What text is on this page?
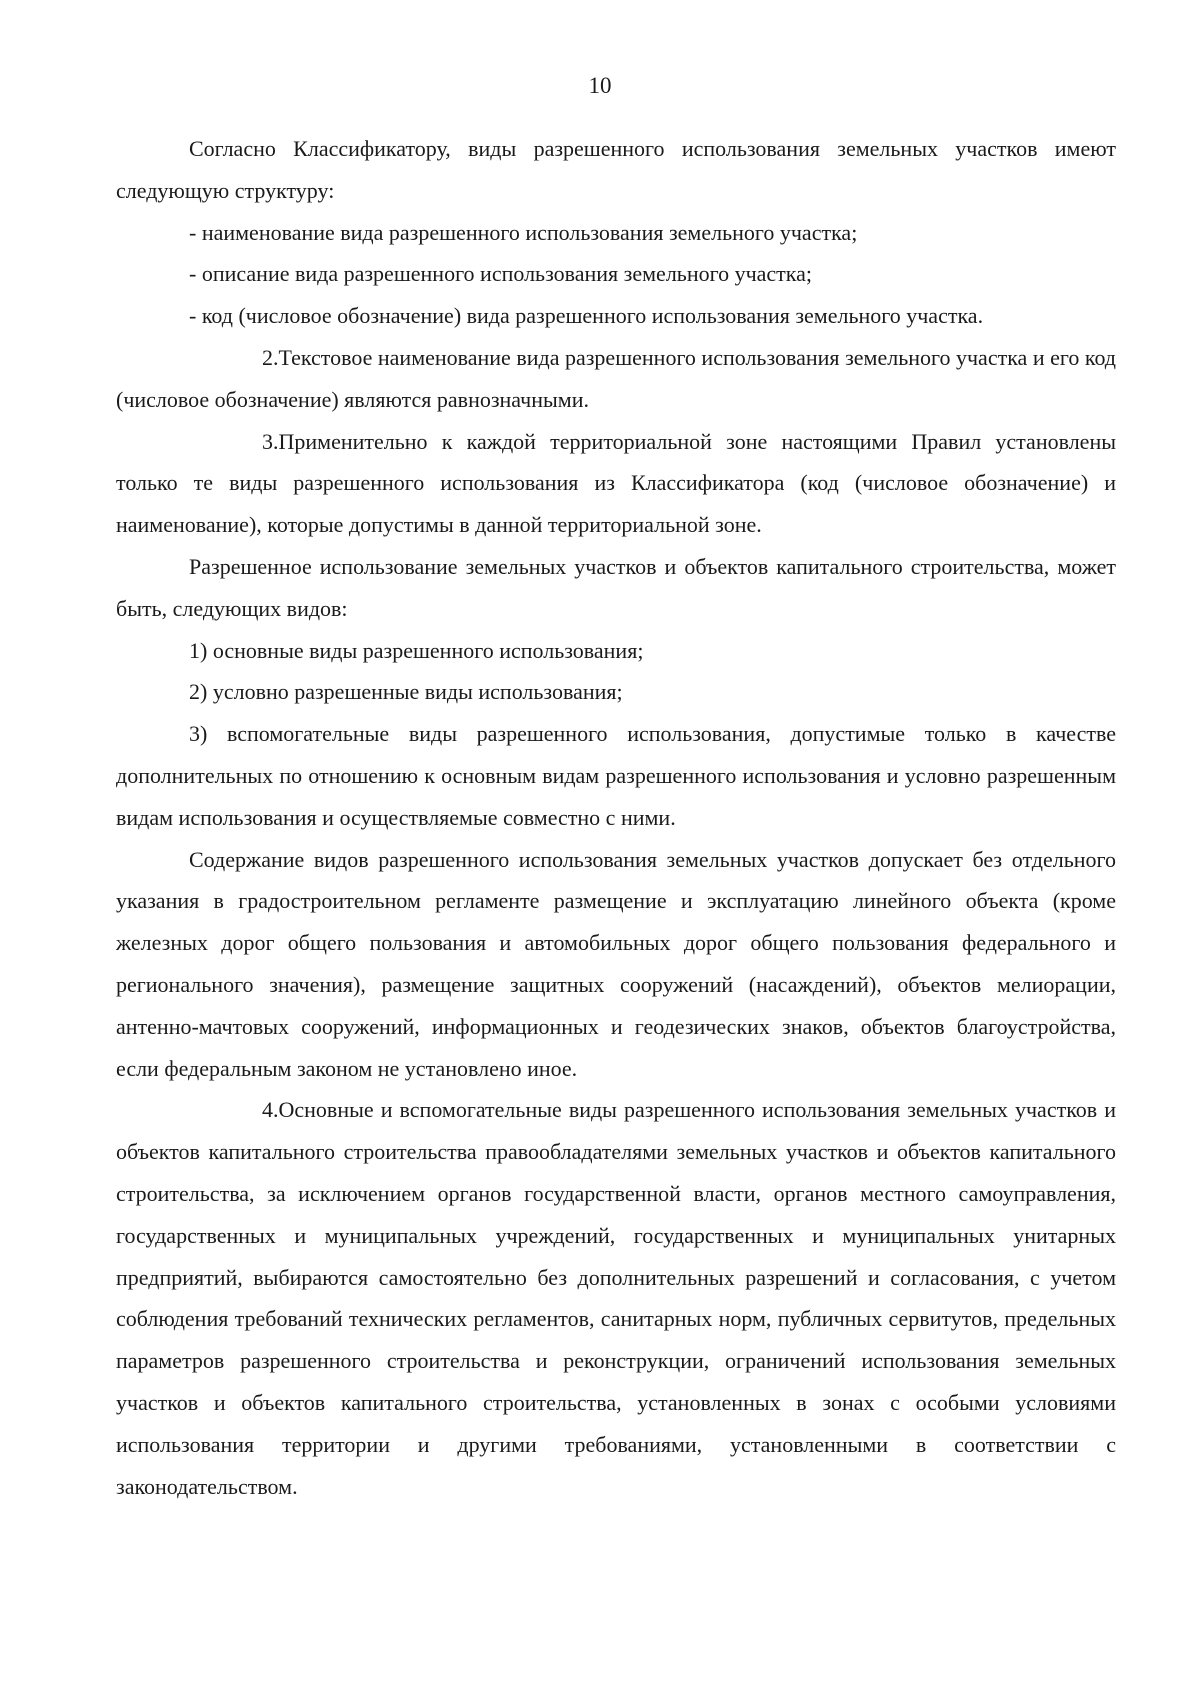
10

Согласно Классификатору, виды разрешенного использования земельных участков имеют следующую структуру:

- наименование вида разрешенного использования земельного участка;

- описание вида разрешенного использования земельного участка;

- код (числовое обозначение) вида разрешенного использования земельного участка.

2.Текстовое наименование вида разрешенного использования земельного участка и его код (числовое обозначение) являются равнозначными.

3.Применительно к каждой территориальной зоне настоящими Правил установлены только те виды разрешенного использования из Классификатора (код (числовое обозначение) и наименование), которые допустимы в данной территориальной зоне.

Разрешенное использование земельных участков и объектов капитального строительства, может быть, следующих видов:

1) основные виды разрешенного использования;

2) условно разрешенные виды использования;

3) вспомогательные виды разрешенного использования, допустимые только в качестве дополнительных по отношению к основным видам разрешенного использования и условно разрешенным видам использования и осуществляемые совместно с ними.

Содержание видов разрешенного использования земельных участков допускает без отдельного указания в градостроительном регламенте размещение и эксплуатацию линейного объекта (кроме железных дорог общего пользования и автомобильных дорог общего пользования федерального и регионального значения), размещение защитных сооружений (насаждений), объектов мелиорации, антенно-мачтовых сооружений, информационных и геодезических знаков, объектов благоустройства, если федеральным законом не установлено иное.

4.Основные и вспомогательные виды разрешенного использования земельных участков и объектов капитального строительства правообладателями земельных участков и объектов капитального строительства, за исключением органов государственной власти, органов местного самоуправления, государственных и муниципальных учреждений, государственных и муниципальных унитарных предприятий, выбираются самостоятельно без дополнительных разрешений и согласования, с учетом соблюдения требований технических регламентов, санитарных норм, публичных сервитутов, предельных параметров разрешенного строительства и реконструкции, ограничений использования земельных участков и объектов капитального строительства, установленных в зонах с особыми условиями использования территории и другими требованиями, установленными в соответствии с законодательством.
